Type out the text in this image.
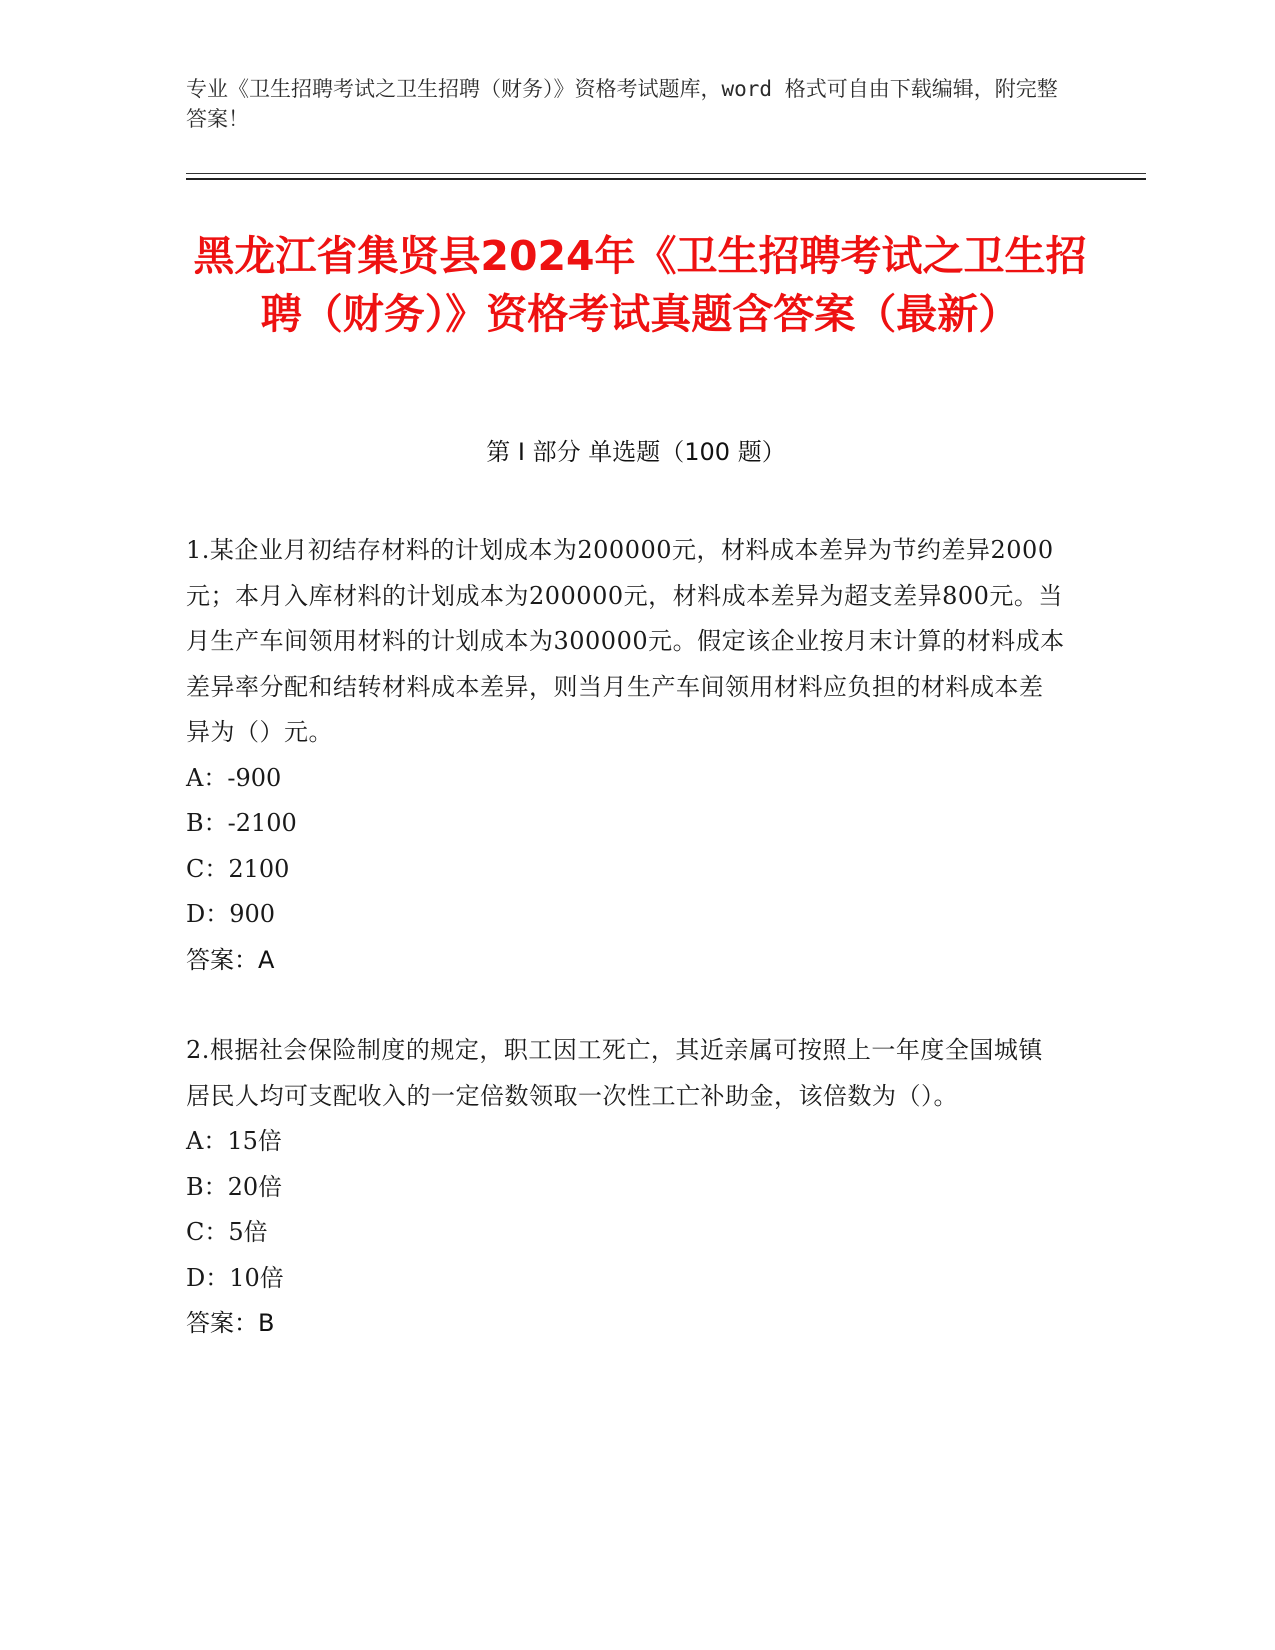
专业《卫生招聘考试之卫生招聘（财务）》资格考试题库，word 格式可自由下载编辑，附完整答案！
黑龙江省集贤县2024年《卫生招聘考试之卫生招聘（财务）》资格考试真题含答案（最新）
第 I 部分 单选题（100 题）
1.某企业月初结存材料的计划成本为200000元，材料成本差异为节约差异2000元；本月入库材料的计划成本为200000元，材料成本差异为超支差异800元。当月生产车间领用材料的计划成本为300000元。假定该企业按月末计算的材料成本差异率分配和结转材料成本差异，则当月生产车间领用材料应负担的材料成本差异为（）元。
A：-900
B：-2100
C：2100
D：900
答案：A
2.根据社会保险制度的规定，职工因工死亡，其近亲属可按照上一年度全国城镇居民人均可支配收入的一定倍数领取一次性工亡补助金，该倍数为（）。
A：15倍
B：20倍
C：5倍
D：10倍
答案：B
